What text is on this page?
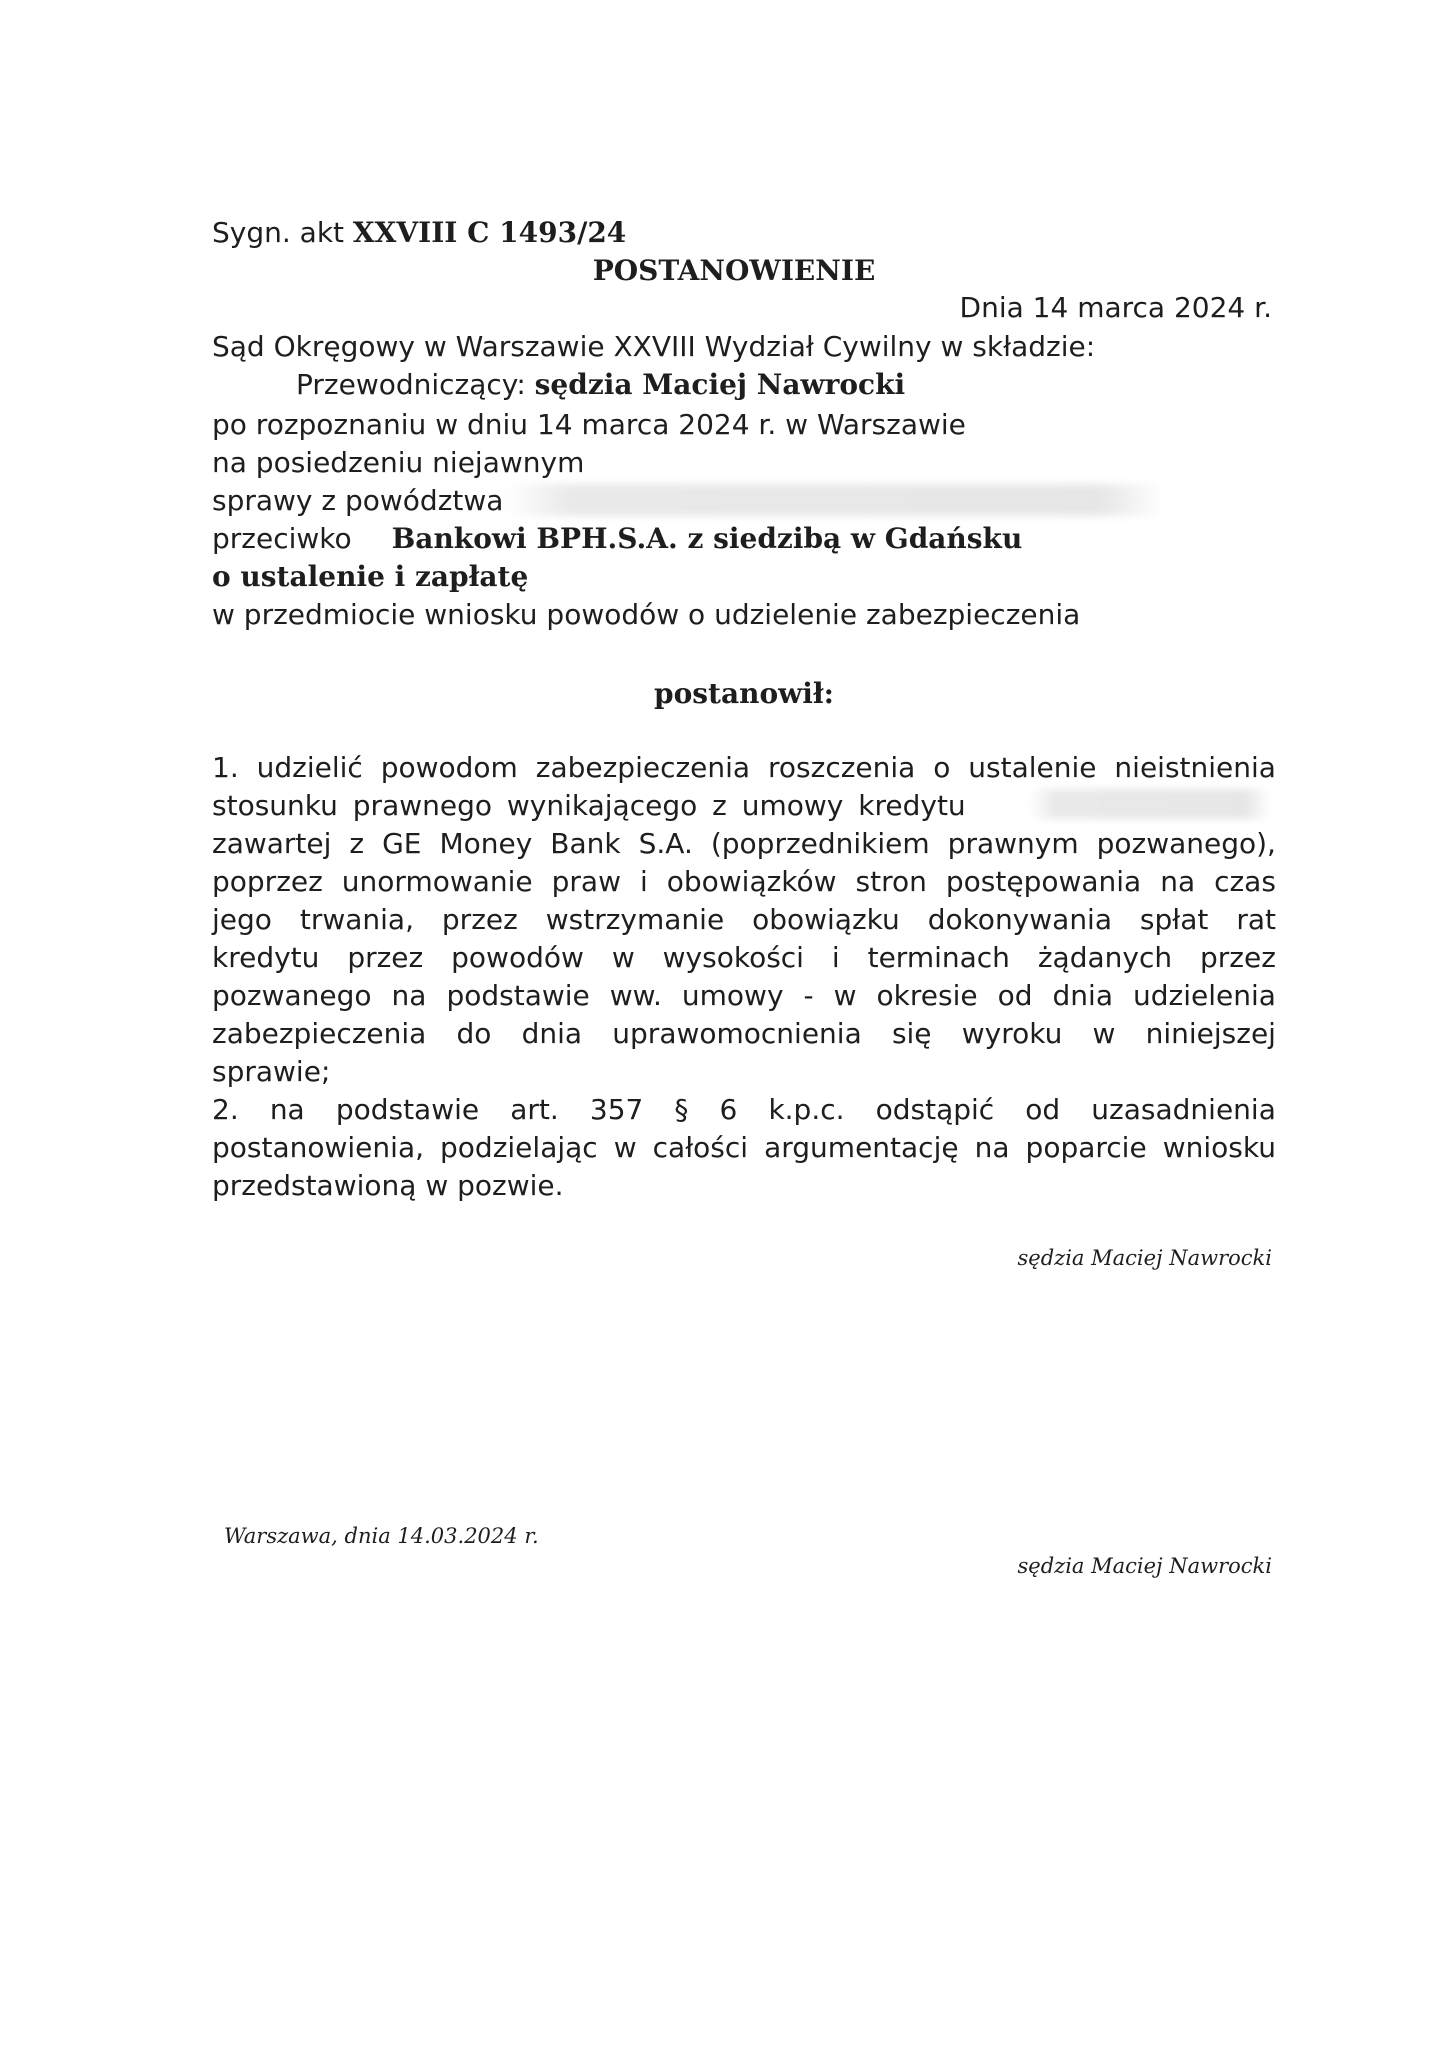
Sygn. akt XXVIII C 1493/24
POSTANOWIENIE
Dnia 14 marca 2024 r.
Sąd Okręgowy w Warszawie XXVIII Wydział Cywilny w składzie:
Przewodniczący: sędzia Maciej Nawrocki
po rozpoznaniu w dniu 14 marca 2024 r. w Warszawie
na posiedzeniu niejawnym
sprawy z powództwa
przeciwko Bankowi BPH.S.A. z siedzibą w Gdańsku
o ustalenie i zapłatę
w przedmiocie wniosku powodów o udzielenie zabezpieczenia
postanowił:
1. udzielić powodom zabezpieczenia roszczenia o ustalenie nieistnienia
stosunku prawnego wynikającego z umowy kredytu
zawartej z GE Money Bank S.A. (poprzednikiem prawnym pozwanego),
poprzez unormowanie praw i obowiązków stron postępowania na czas
jego trwania, przez wstrzymanie obowiązku dokonywania spłat rat
kredytu przez powodów w wysokości i terminach żądanych przez
pozwanego na podstawie ww. umowy - w okresie od dnia udzielenia
zabezpieczenia do dnia uprawomocnienia się wyroku w niniejszej
sprawie;
2. na podstawie art. 357 § 6 k.p.c. odstąpić od uzasadnienia
postanowienia, podzielając w całości argumentację na poparcie wniosku
przedstawioną w pozwie.
sędzia Maciej Nawrocki
Warszawa, dnia 14.03.2024 r.
sędzia Maciej Nawrocki
